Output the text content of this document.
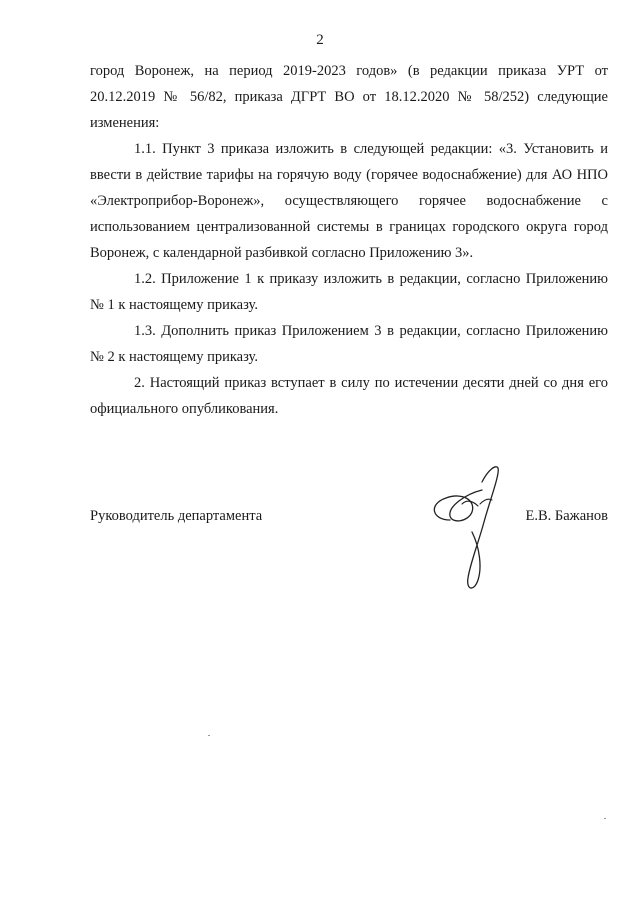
2

город Воронеж, на период 2019-2023 годов» (в редакции приказа УРТ от 20.12.2019 № 56/82, приказа ДГРТ ВО от 18.12.2020 № 58/252) следующие изменения:

1.1. Пункт 3 приказа изложить в следующей редакции: «3. Установить и ввести в действие тарифы на горячую воду (горячее водоснабжение) для АО НПО «Электроприбор-Воронеж», осуществляющего горячее водоснабжение с использованием централизованной системы в границах городского округа город Воронеж, с календарной разбивкой согласно Приложению 3».

1.2. Приложение 1 к приказу изложить в редакции, согласно Приложению № 1 к настоящему приказу.

1.3. Дополнить приказ Приложением 3 в редакции, согласно Приложению № 2 к настоящему приказу.

2. Настоящий приказ вступает в силу по истечении десяти дней со дня его официального опубликования.

Руководитель департамента	Е.В. Бажанов
